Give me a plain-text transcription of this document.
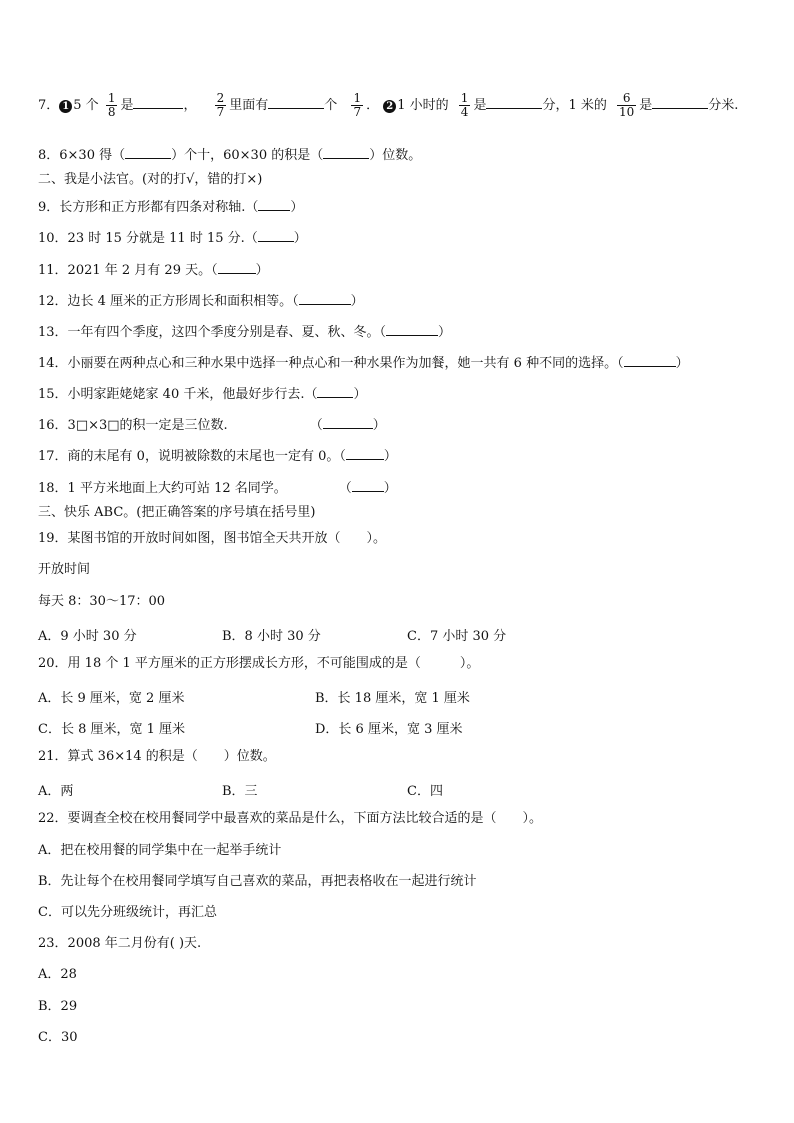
7． 1 5 个 $\frac{1}{8}$ 是	， $\frac{2}{7}$ 里面有	个 $\frac{1}{7}$ ． 2 1 小时的 $\frac{1}{4}$ 是	分，1 米的 $\frac{6}{10}$ 是	分米.
8．6×30 得（	）个十，60×30 的积是（	）位数。
二、我是小法官。(对的打√，错的打×)
9．长方形和正方形都有四条对称轴.（ ）
10．23 时 15 分就是 11 时 15 分.（	）
11．2021 年 2 月有 29 天。（	）
12．边长 4 厘米的正方形周长和面积相等。（	）
13．一年有四个季度，这四个季度分别是春、夏、秋、冬。（	）
14．小丽要在两种点心和三种水果中选择一种点心和一种水果作为加餐，她一共有 6 种不同的选择。（	）
15．小明家距姥姥家 40 千米，他最好步行去.（	）
16．3□×3□的积一定是三位数.	（	）
17．商的末尾有 0，说明被除数的末尾也一定有 0。（	）
18．1 平方米地面上大约可站 12 名同学。	（ ）
三、快乐 ABC。(把正确答案的序号填在括号里)
19．某图书馆的开放时间如图，图书馆全天共开放（　　）。
开放时间
每天 8：30～17：00
A．9 小时 30 分	B．8 小时 30 分	C．7 小时 30 分
20．用 18 个 1 平方厘米的正方形摆成长方形，不可能围成的是（　　　）。
A．长 9 厘米，宽 2 厘米	B．长 18 厘米，宽 1 厘米
C．长 8 厘米，宽 1 厘米	D．长 6 厘米，宽 3 厘米
21．算式 36×14 的积是（　　）位数。
A．两	B．三	C．四
22．要调查全校在校用餐同学中最喜欢的菜品是什么，下面方法比较合适的是（　　）。
A．把在校用餐的同学集中在一起举手统计
B．先让每个在校用餐同学填写自己喜欢的菜品，再把表格收在一起进行统计
C．可以先分班级统计，再汇总
23．2008 年二月份有( )天.
A．28
B．29
C．30
